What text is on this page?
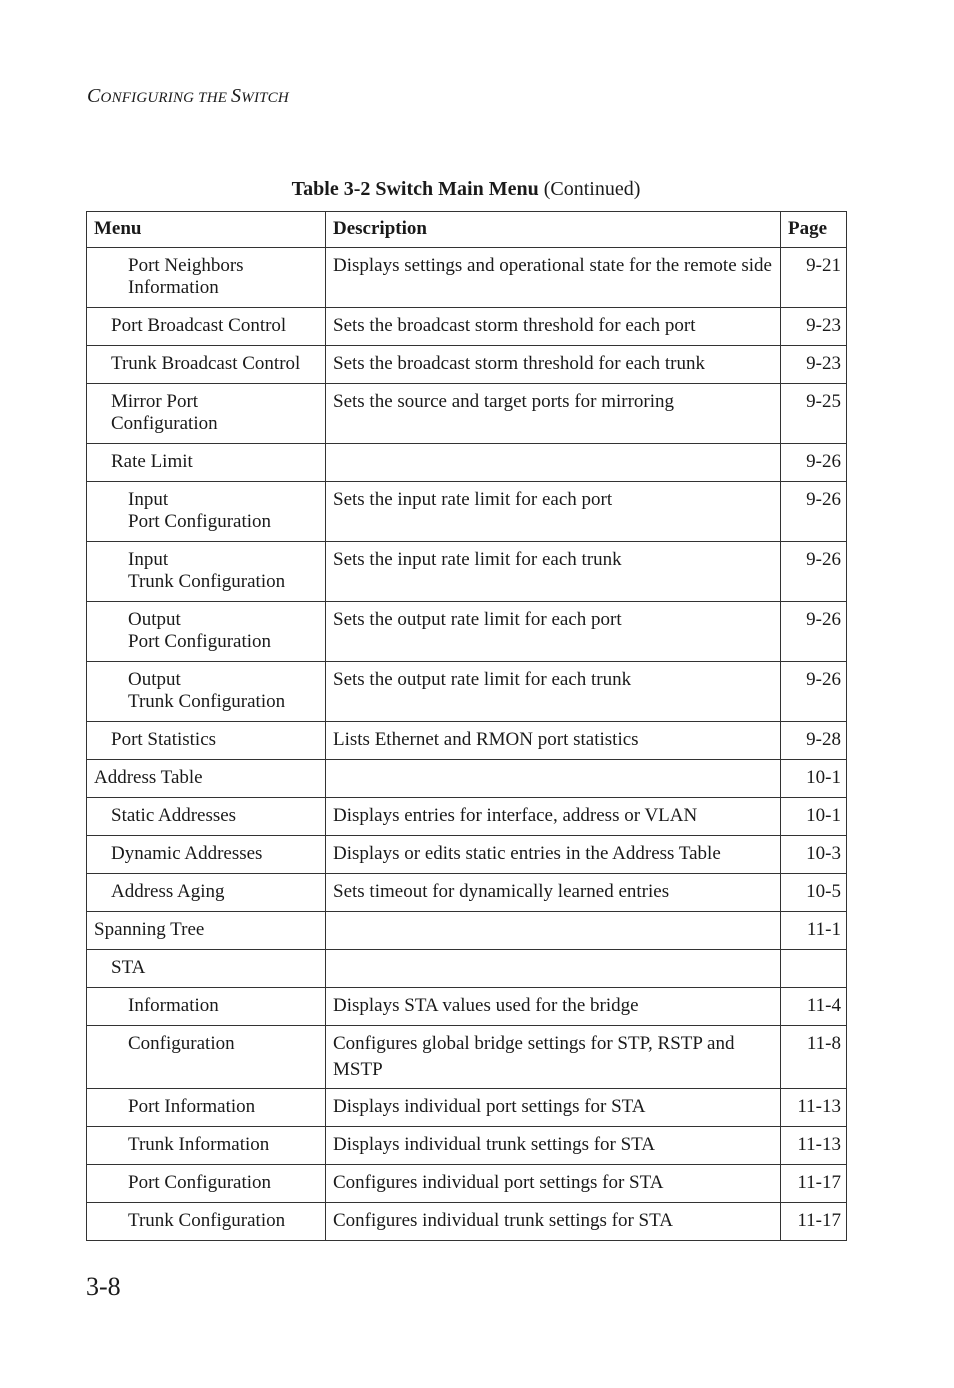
CONFIGURING THE SWITCH
Table 3-2 Switch Main Menu (Continued)
Menu	Description	Page

Port Neighbors
Information	Displays settings and operational state for the remote side	9-21

Port Broadcast Control	Sets the broadcast storm threshold for each port	9-23

Trunk Broadcast Control	Sets the broadcast storm threshold for each trunk	9-23

Mirror Port
Configuration	Sets the source and target ports for mirroring	9-25

Rate Limit		9-26

Input
Port Configuration	Sets the input rate limit for each port	9-26

Input
Trunk Configuration	Sets the input rate limit for each trunk	9-26

Output
Port Configuration	Sets the output rate limit for each port	9-26

Output
Trunk Configuration	Sets the output rate limit for each trunk	9-26

Port Statistics	Lists Ethernet and RMON port statistics	9-28

Address Table		10-1

Static Addresses	Displays entries for interface, address or VLAN	10-1

Dynamic Addresses	Displays or edits static entries in the Address Table	10-3

Address Aging	Sets timeout for dynamically learned entries	10-5

Spanning Tree		11-1

STA		

Information	Displays STA values used for the bridge	11-4

Configuration	Configures global bridge settings for STP, RSTP and MSTP	11-8

Port Information	Displays individual port settings for STA	11-13

Trunk Information	Displays individual trunk settings for STA	11-13

Port Configuration	Configures individual port settings for STA	11-17

Trunk Configuration	Configures individual trunk settings for STA	11-17
3-8
